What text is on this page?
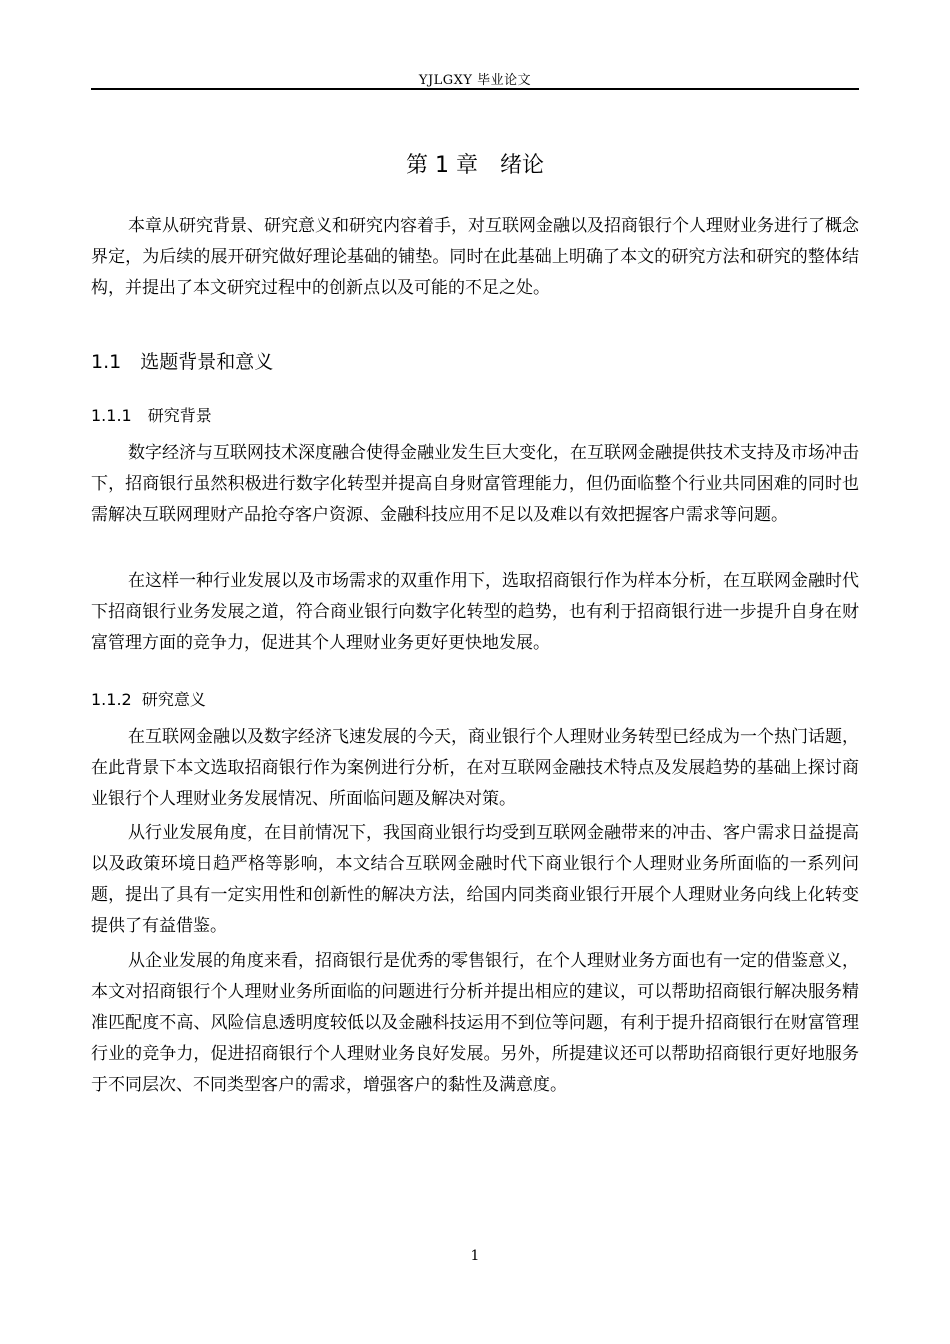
YJLGXY 毕业论文
第 1 章　绪论

本章从研究背景、研究意义和研究内容着手，对互联网金融以及招商银行个人理财业务进行了概念界定，为后续的展开研究做好理论基础的铺垫。同时在此基础上明确了本文的研究方法和研究的整体结构，并提出了本文研究过程中的创新点以及可能的不足之处。

1.1　选题背景和意义
1.1.1　研究背景

数字经济与互联网技术深度融合使得金融业发生巨大变化，在互联网金融提供技术支持及市场冲击下，招商银行虽然积极进行数字化转型并提高自身财富管理能力，但仍面临整个行业共同困难的同时也需解决互联网理财产品抢夺客户资源、金融科技应用不足以及难以有效把握客户需求等问题。

在这样一种行业发展以及市场需求的双重作用下，选取招商银行作为样本分析，在互联网金融时代下招商银行业务发展之道，符合商业银行向数字化转型的趋势，也有利于招商银行进一步提升自身在财富管理方面的竞争力，促进其个人理财业务更好更快地发展。

1.1.2  研究意义

在互联网金融以及数字经济飞速发展的今天，商业银行个人理财业务转型已经成为一个热门话题，在此背景下本文选取招商银行作为案例进行分析，在对互联网金融技术特点及发展趋势的基础上探讨商业银行个人理财业务发展情况、所面临问题及解决对策。

从行业发展角度，在目前情况下，我国商业银行均受到互联网金融带来的冲击、客户需求日益提高以及政策环境日趋严格等影响，本文结合互联网金融时代下商业银行个人理财业务所面临的一系列问题，提出了具有一定实用性和创新性的解决方法，给国内同类商业银行开展个人理财业务向线上化转变提供了有益借鉴。

从企业发展的角度来看，招商银行是优秀的零售银行，在个人理财业务方面也有一定的借鉴意义，本文对招商银行个人理财业务所面临的问题进行分析并提出相应的建议，可以帮助招商银行解决服务精准匹配度不高、风险信息透明度较低以及金融科技运用不到位等问题，有利于提升招商银行在财富管理行业的竞争力，促进招商银行个人理财业务良好发展。另外，所提建议还可以帮助招商银行更好地服务于不同层次、不同类型客户的需求，增强客户的黏性及满意度。

1
